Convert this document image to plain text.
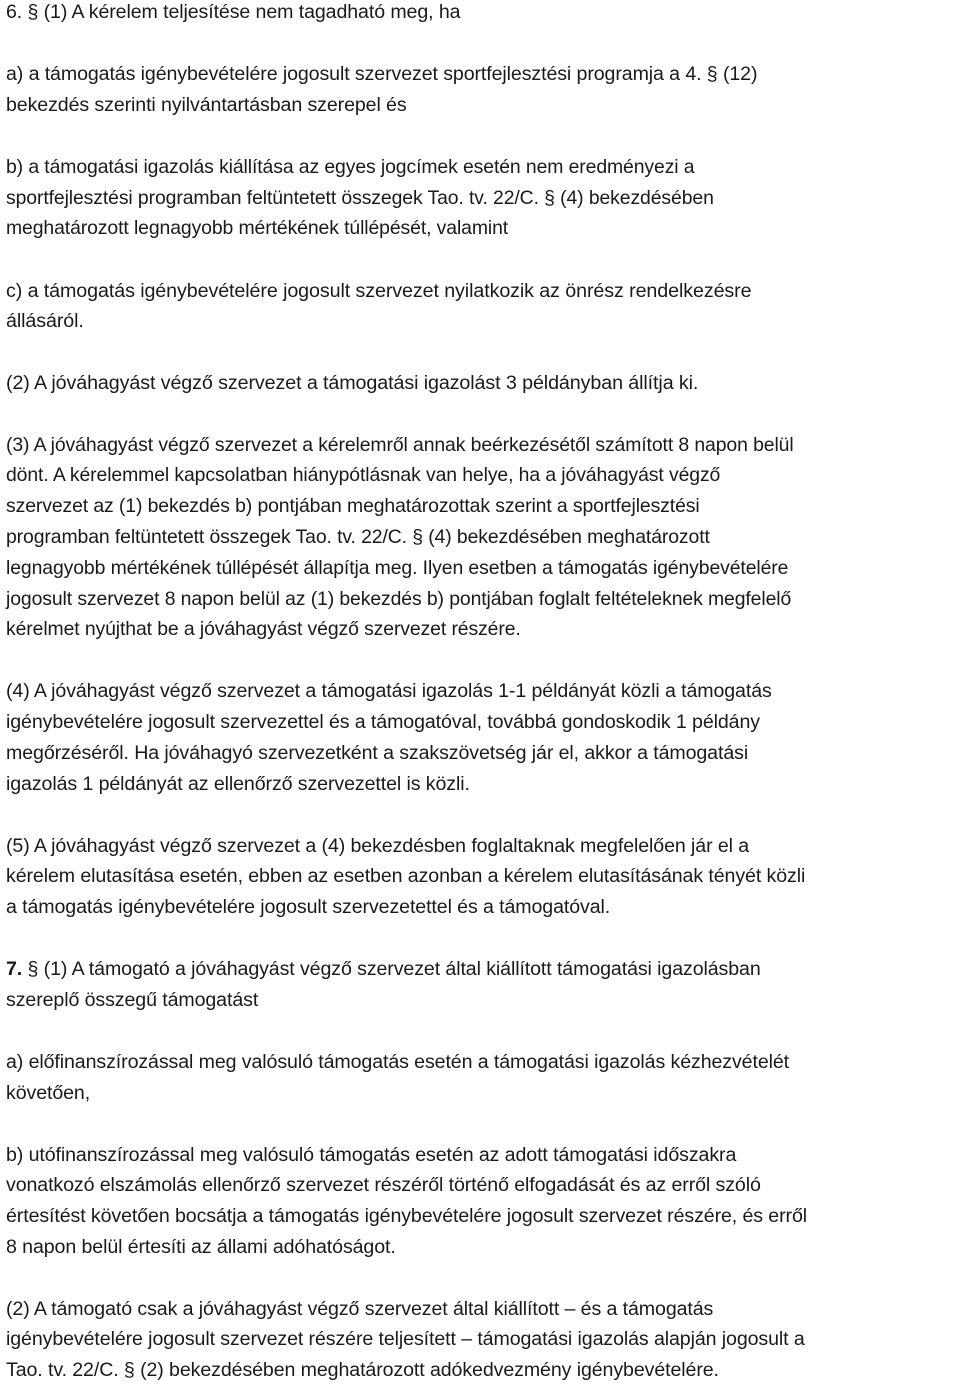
6. § (1) A kérelem teljesítése nem tagadható meg, ha
a) a támogatás igénybevételére jogosult szervezet sportfejlesztési programja a 4. § (12)
bekezdés szerinti nyilvántartásban szerepel és
b) a támogatási igazolás kiállítása az egyes jogcímek esetén nem eredményezi a
sportfejlesztési programban feltüntetett összegek Tao. tv. 22/C. § (4) bekezdésében
meghatározott legnagyobb mértékének túllépését, valamint
c) a támogatás igénybevételére jogosult szervezet nyilatkozik az önrész rendelkezésre
állásáról.
(2) A jóváhagyást végző szervezet a támogatási igazolást 3 példányban állítja ki.
(3) A jóváhagyást végző szervezet a kérelemről annak beérkezésétől számított 8 napon belül
dönt. A kérelemmel kapcsolatban hiánypótlásnak van helye, ha a jóváhagyást végző
szervezet az (1) bekezdés b) pontjában meghatározottak szerint a sportfejlesztési
programban feltüntetett összegek Tao. tv. 22/C. § (4) bekezdésében meghatározott
legnagyobb mértékének túllépését állapítja meg. Ilyen esetben a támogatás igénybevételére
jogosult szervezet 8 napon belül az (1) bekezdés b) pontjában foglalt feltételeknek megfelelő
kérelmet nyújthat be a jóváhagyást végző szervezet részére.
(4) A jóváhagyást végző szervezet a támogatási igazolás 1-1 példányát közli a támogatás
igénybevételére jogosult szervezettel és a támogatóval, továbbá gondoskodik 1 példány
megőrzéséről. Ha jóváhagyó szervezetként a szakszövetség jár el, akkor a támogatási
igazolás 1 példányát az ellenőrző szervezettel is közli.
(5) A jóváhagyást végző szervezet a (4) bekezdésben foglaltaknak megfelelően jár el a
kérelem elutasítása esetén, ebben az esetben azonban a kérelem elutasításának tényét közli
a támogatás igénybevételére jogosult szervezetettel és a támogatóval.
7. § (1) A támogató a jóváhagyást végző szervezet által kiállított támogatási igazolásban
szereplő összegű támogatást
a) előfinanszírozással meg valósuló támogatás esetén a támogatási igazolás kézhezvételét
követően,
b) utófinanszírozással meg valósuló támogatás esetén az adott támogatási időszakra
vonatkozó elszámolás ellenőrző szervezet részéről történő elfogadását és az erről szóló
értesítést követően bocsátja a támogatás igénybevételére jogosult szervezet részére, és erről
8 napon belül értesíti az állami adóhatóságot.
(2) A támogató csak a jóváhagyást végző szervezet által kiállított – és a támogatás
igénybevételére jogosult szervezet részére teljesített – támogatási igazolás alapján jogosult a
Tao. tv. 22/C. § (2) bekezdésében meghatározott adókedvezmény igénybevételére.
